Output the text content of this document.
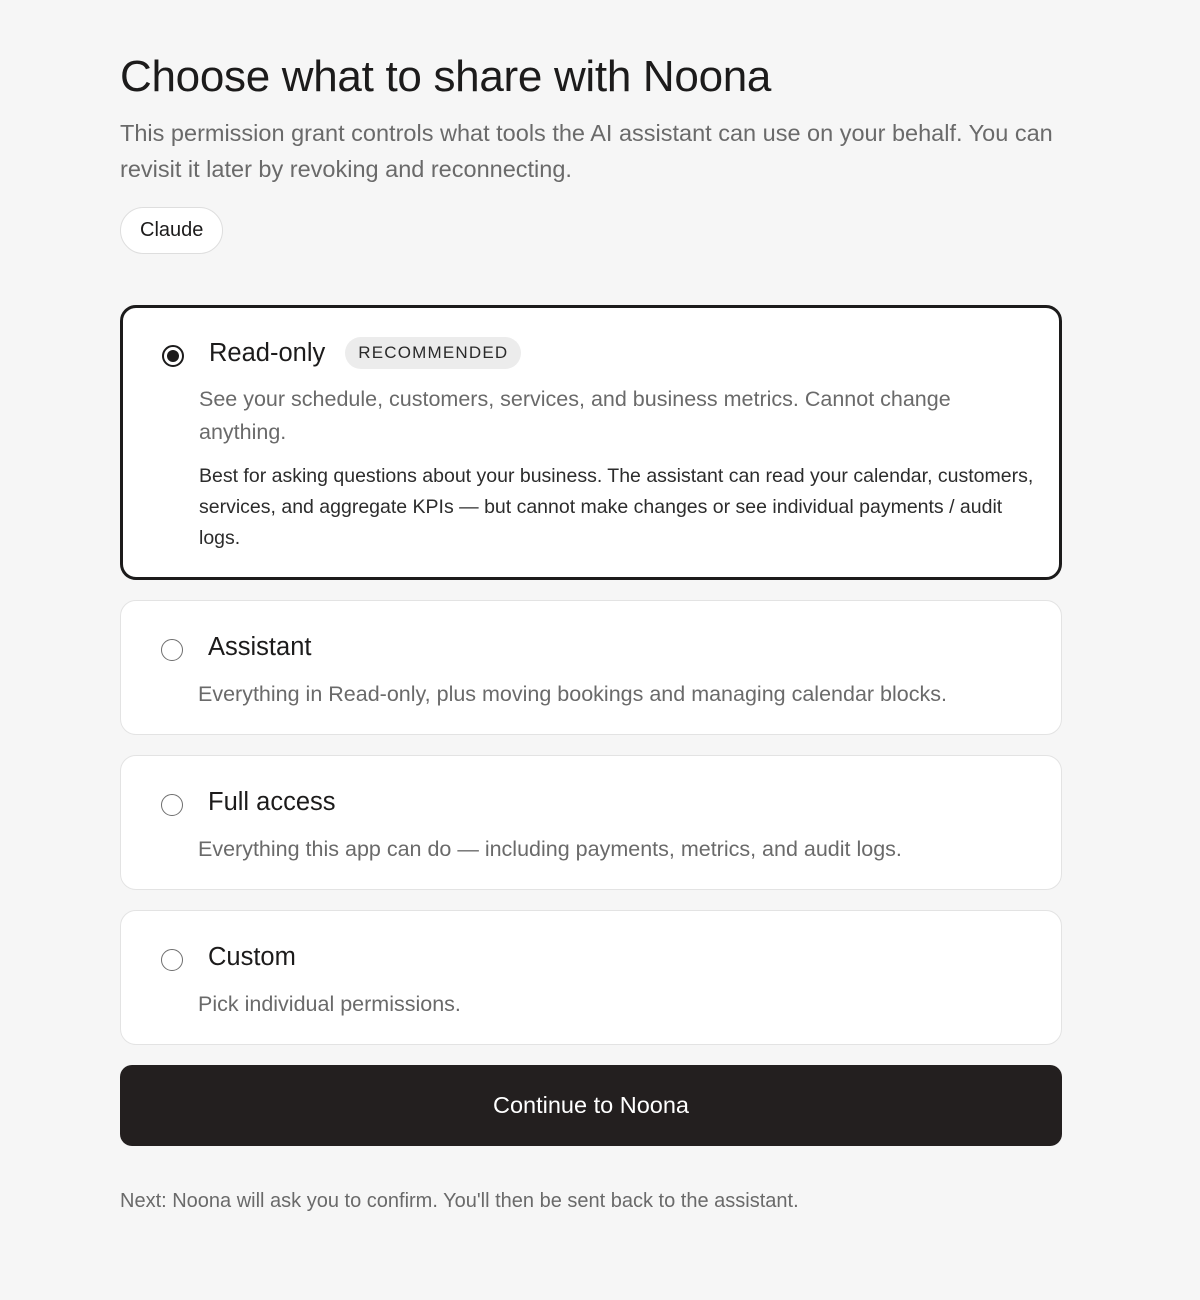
Choose what to share with Noona

This permission grant controls what tools the AI assistant can use on your behalf. You can revisit it later by revoking and reconnecting.

Claude
Read-only	RECOMMENDED

See your schedule, customers, services, and business metrics. Cannot change anything.

Best for asking questions about your business. The assistant can read your calendar, customers, services, and aggregate KPIs — but cannot make changes or see individual payments / audit logs.

Assistant

Everything in Read-only, plus moving bookings and managing calendar blocks.

Full access

Everything this app can do — including payments, metrics, and audit logs.

Custom

Pick individual permissions.

Continue to Noona

Next: Noona will ask you to confirm. You'll then be sent back to the assistant.
